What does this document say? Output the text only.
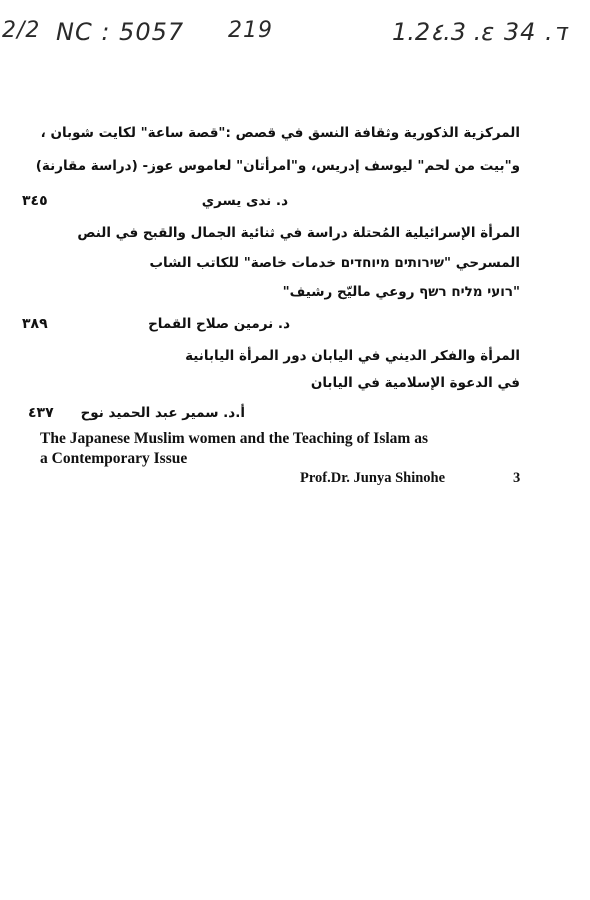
2/2 NC : 5057 219	1.2٤.3 .ε 34 .ד
المركزية الذكورية وثقافة النسق في قصص :"قصة ساعة" لكايت شوبان ،
و"بيت من لحم" ليوسف إدريس، و"امرأتان" لعاموس عوز- (دراسة مقارنة)
د. ندى يسري
٣٤٥
المرأة الإسرائيلية المُحتلة دراسة في ثنائية الجمال والقبح في النص
المسرحي "שירותים מיוחדים خدمات خاصة" للكاتب الشاب
"רועי מליח רשף روعي ماليّح رشيف"
د. نرمين صلاح القماح
٣٨٩
المرأة والفكر الديني في اليابان دور المرأة اليابانية
في الدعوة الإسلامية في اليابان
أ.د. سمير عبد الحميد نوح
٤٣٧
The Japanese Muslim women and the Teaching of Islam as
a Contemporary Issue
Prof.Dr. Junya Shinohe	3
